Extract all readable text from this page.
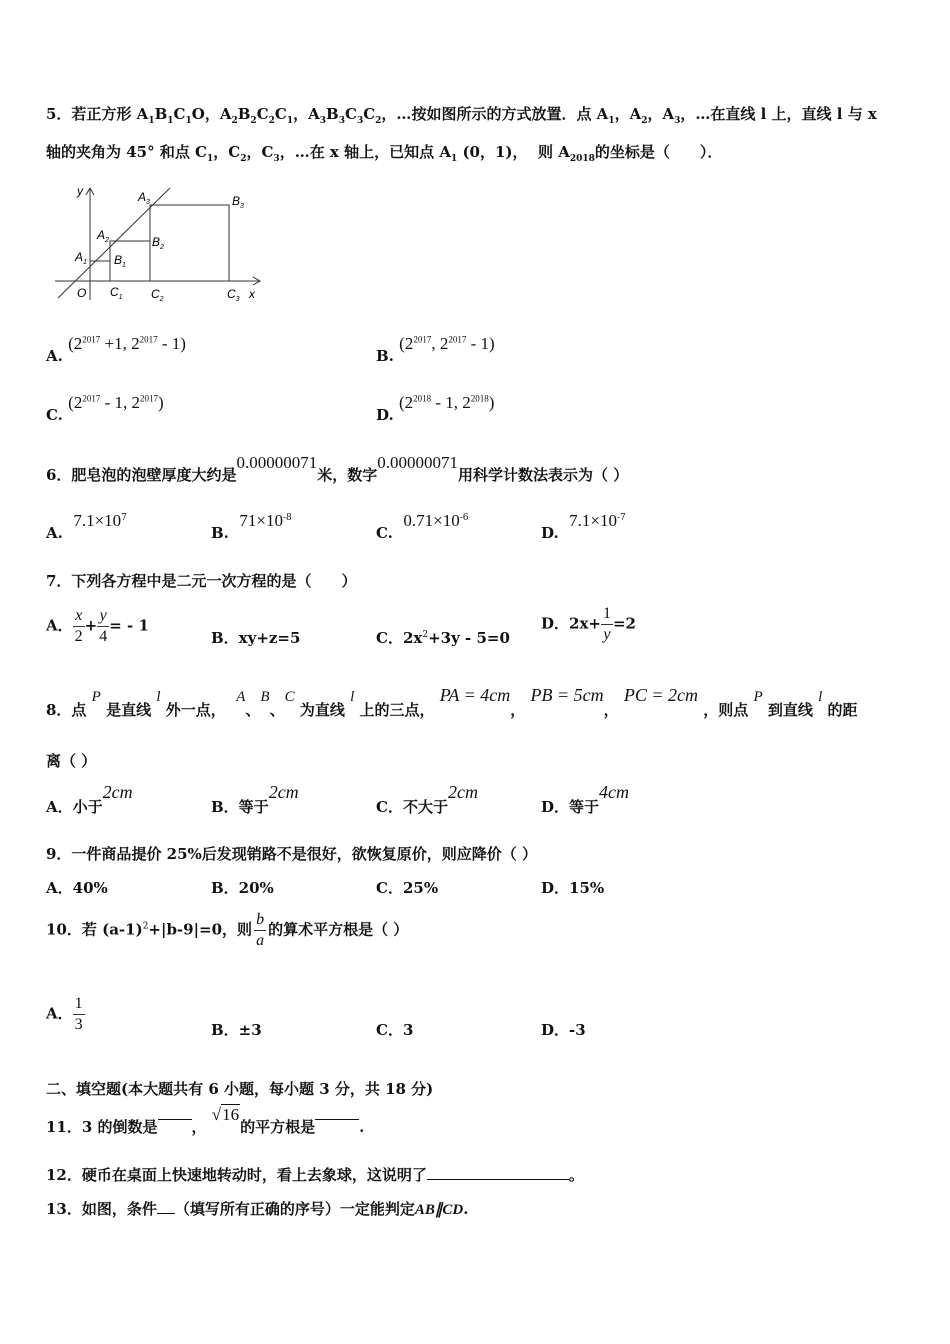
5．若正方形 $A_1B_1C_1O$，$A_2B_2C_2C_1$，$A_3B_3C_3C_2$，…按如图所示的方式放置．点 $A_1$，$A_2$，$A_3$，…在直线 l 上，直线 l 与 x
轴的夹角为 45° 和点 $C_1$，$C_2$，$C_3$，…在 x 轴上，已知点 $A_1$ (0，1)， 则 $A_{2018}$的坐标是（　　）．
y
x
O
$A_1$
$A_2$
$A_3$
$B_1$
$B_2$
$B_3$
$C_1$ $C_2$	$C_3$
A. ($2^{2017} +1$, $2^{2017} - 1$)
B. ($2^{2017}$, $2^{2017} - 1$)
C. ($2^{2017} - 1$, $2^{2017}$)
D. ($2^{2018} - 1$, $2^{2018}$)
6．肥皂泡的泡壁厚度大约是0.00000071米，数字0.00000071用科学计数法表示为（ ）
A.  $7.1\times 10^7$
B.  $71\times 10^{-8}$
C.  $0.71\times 10^{-6}$
D.  $7.1\times 10^{-7}$
7．下列各方程中是二元一次方程的是（　　）
A． $\frac{x}{2} + \frac{y}{4}$ = - 1
B．xy+z=5	C．$2x^2+3y - 5=0$
D．$2x+ \frac{1}{y} =2$
8．点 P 是直线 l 外一点，  A、B、C 为直线 l 上的三点， PA = 4cm， PB = 5cm， PC = 2cm ，则点 P 到直线 l 的距
离（ ）
A．小于2cm
B．等于2cm
C．不大于2cm
D．等于4cm
9．一件商品提价 25%后发现销路不是很好，欲恢复原价，则应降价（ ）
A．40%	B．20%	C．25%	D．15%
10．若 $(a-1)^2+|b-9|=0$，则 $\frac{b}{a}$ 的算术平方根是（ ）
A． $\frac{1}{3}$	B．±3	C．3	D．-3
二、填空题(本大题共有 6 小题，每小题 3 分，共 18 分)
11．3 的倒数是 ， √16的平方根是	.
12．硬币在桌面上快速地转动时，看上去象球，这说明了	。
13．如图，条件 （填写所有正确的序号）一定能判定AB∥CD.
